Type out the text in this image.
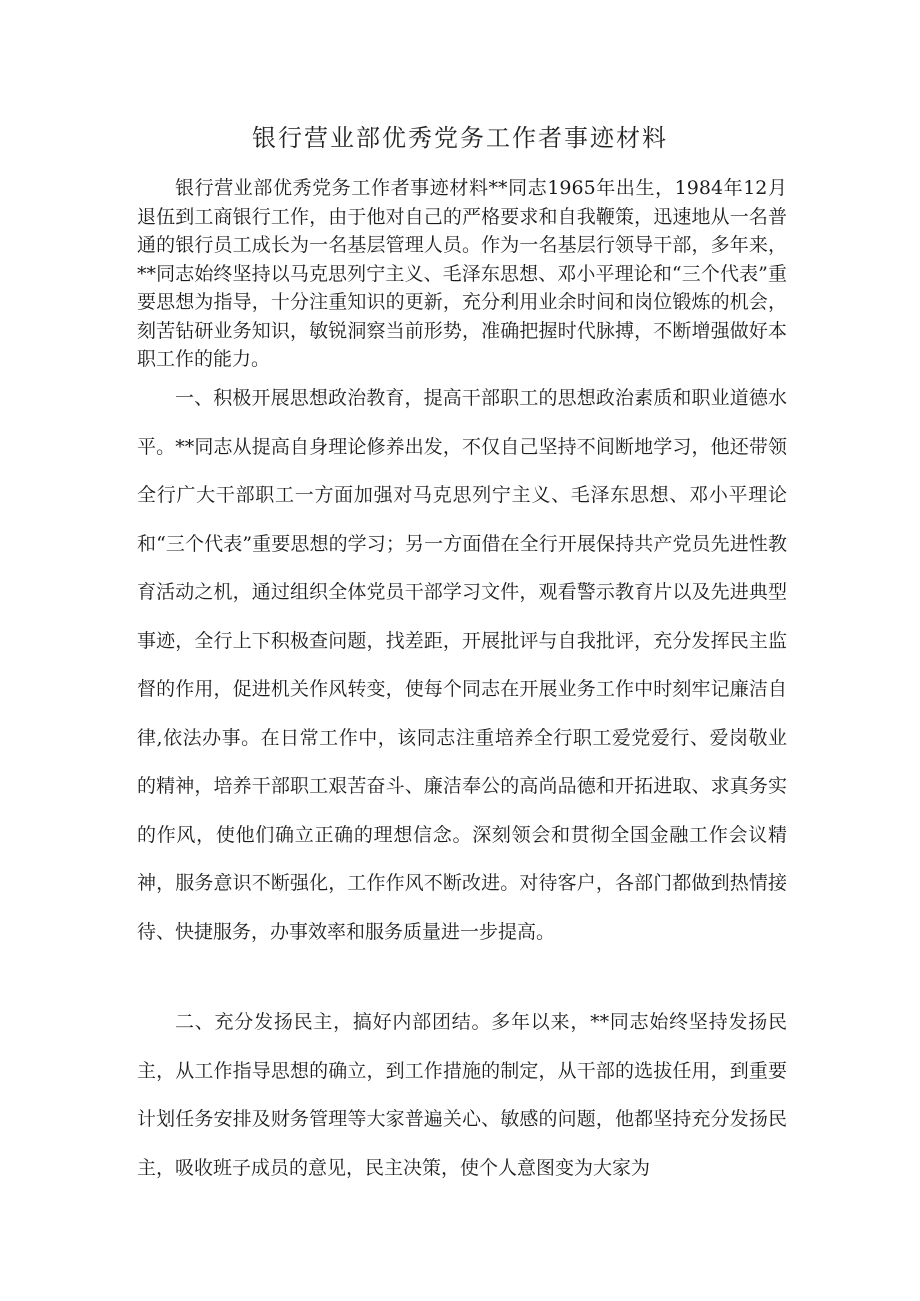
银行营业部优秀党务工作者事迹材料

银行营业部优秀党务工作者事迹材料**同志1965年出生，1984年12月退伍到工商银行工作，由于他对自己的严格要求和自我鞭策，迅速地从一名普通的银行员工成长为一名基层管理人员。作为一名基层行领导干部，多年来，**同志始终坚持以马克思列宁主义、毛泽东思想、邓小平理论和“三个代表”重要思想为指导，十分注重知识的更新，充分利用业余时间和岗位锻炼的机会，刻苦钻研业务知识，敏锐洞察当前形势，准确把握时代脉搏，不断增强做好本职工作的能力。

一、积极开展思想政治教育，提高干部职工的思想政治素质和职业道德水平。**同志从提高自身理论修养出发，不仅自己坚持不间断地学习，他还带领全行广大干部职工一方面加强对马克思列宁主义、毛泽东思想、邓小平理论和“三个代表”重要思想的学习；另一方面借在全行开展保持共产党员先进性教育活动之机，通过组织全体党员干部学习文件，观看警示教育片以及先进典型事迹，全行上下积极查问题，找差距，开展批评与自我批评，充分发挥民主监督的作用，促进机关作风转变，使每个同志在开展业务工作中时刻牢记廉洁自律,依法办事。在日常工作中，该同志注重培养全行职工爱党爱行、爱岗敬业的精神，培养干部职工艰苦奋斗、廉洁奉公的高尚品德和开拓进取、求真务实的作风，使他们确立正确的理想信念。深刻领会和贯彻全国金融工作会议精神，服务意识不断强化，工作作风不断改进。对待客户，各部门都做到热情接待、快捷服务，办事效率和服务质量进一步提高。

二、充分发扬民主，搞好内部团结。多年以来，**同志始终坚持发扬民主，从工作指导思想的确立，到工作措施的制定，从干部的选拔任用，到重要计划任务安排及财务管理等大家普遍关心、敏感的问题，他都坚持充分发扬民主，吸收班子成员的意见，民主决策，使个人意图变为大家为
